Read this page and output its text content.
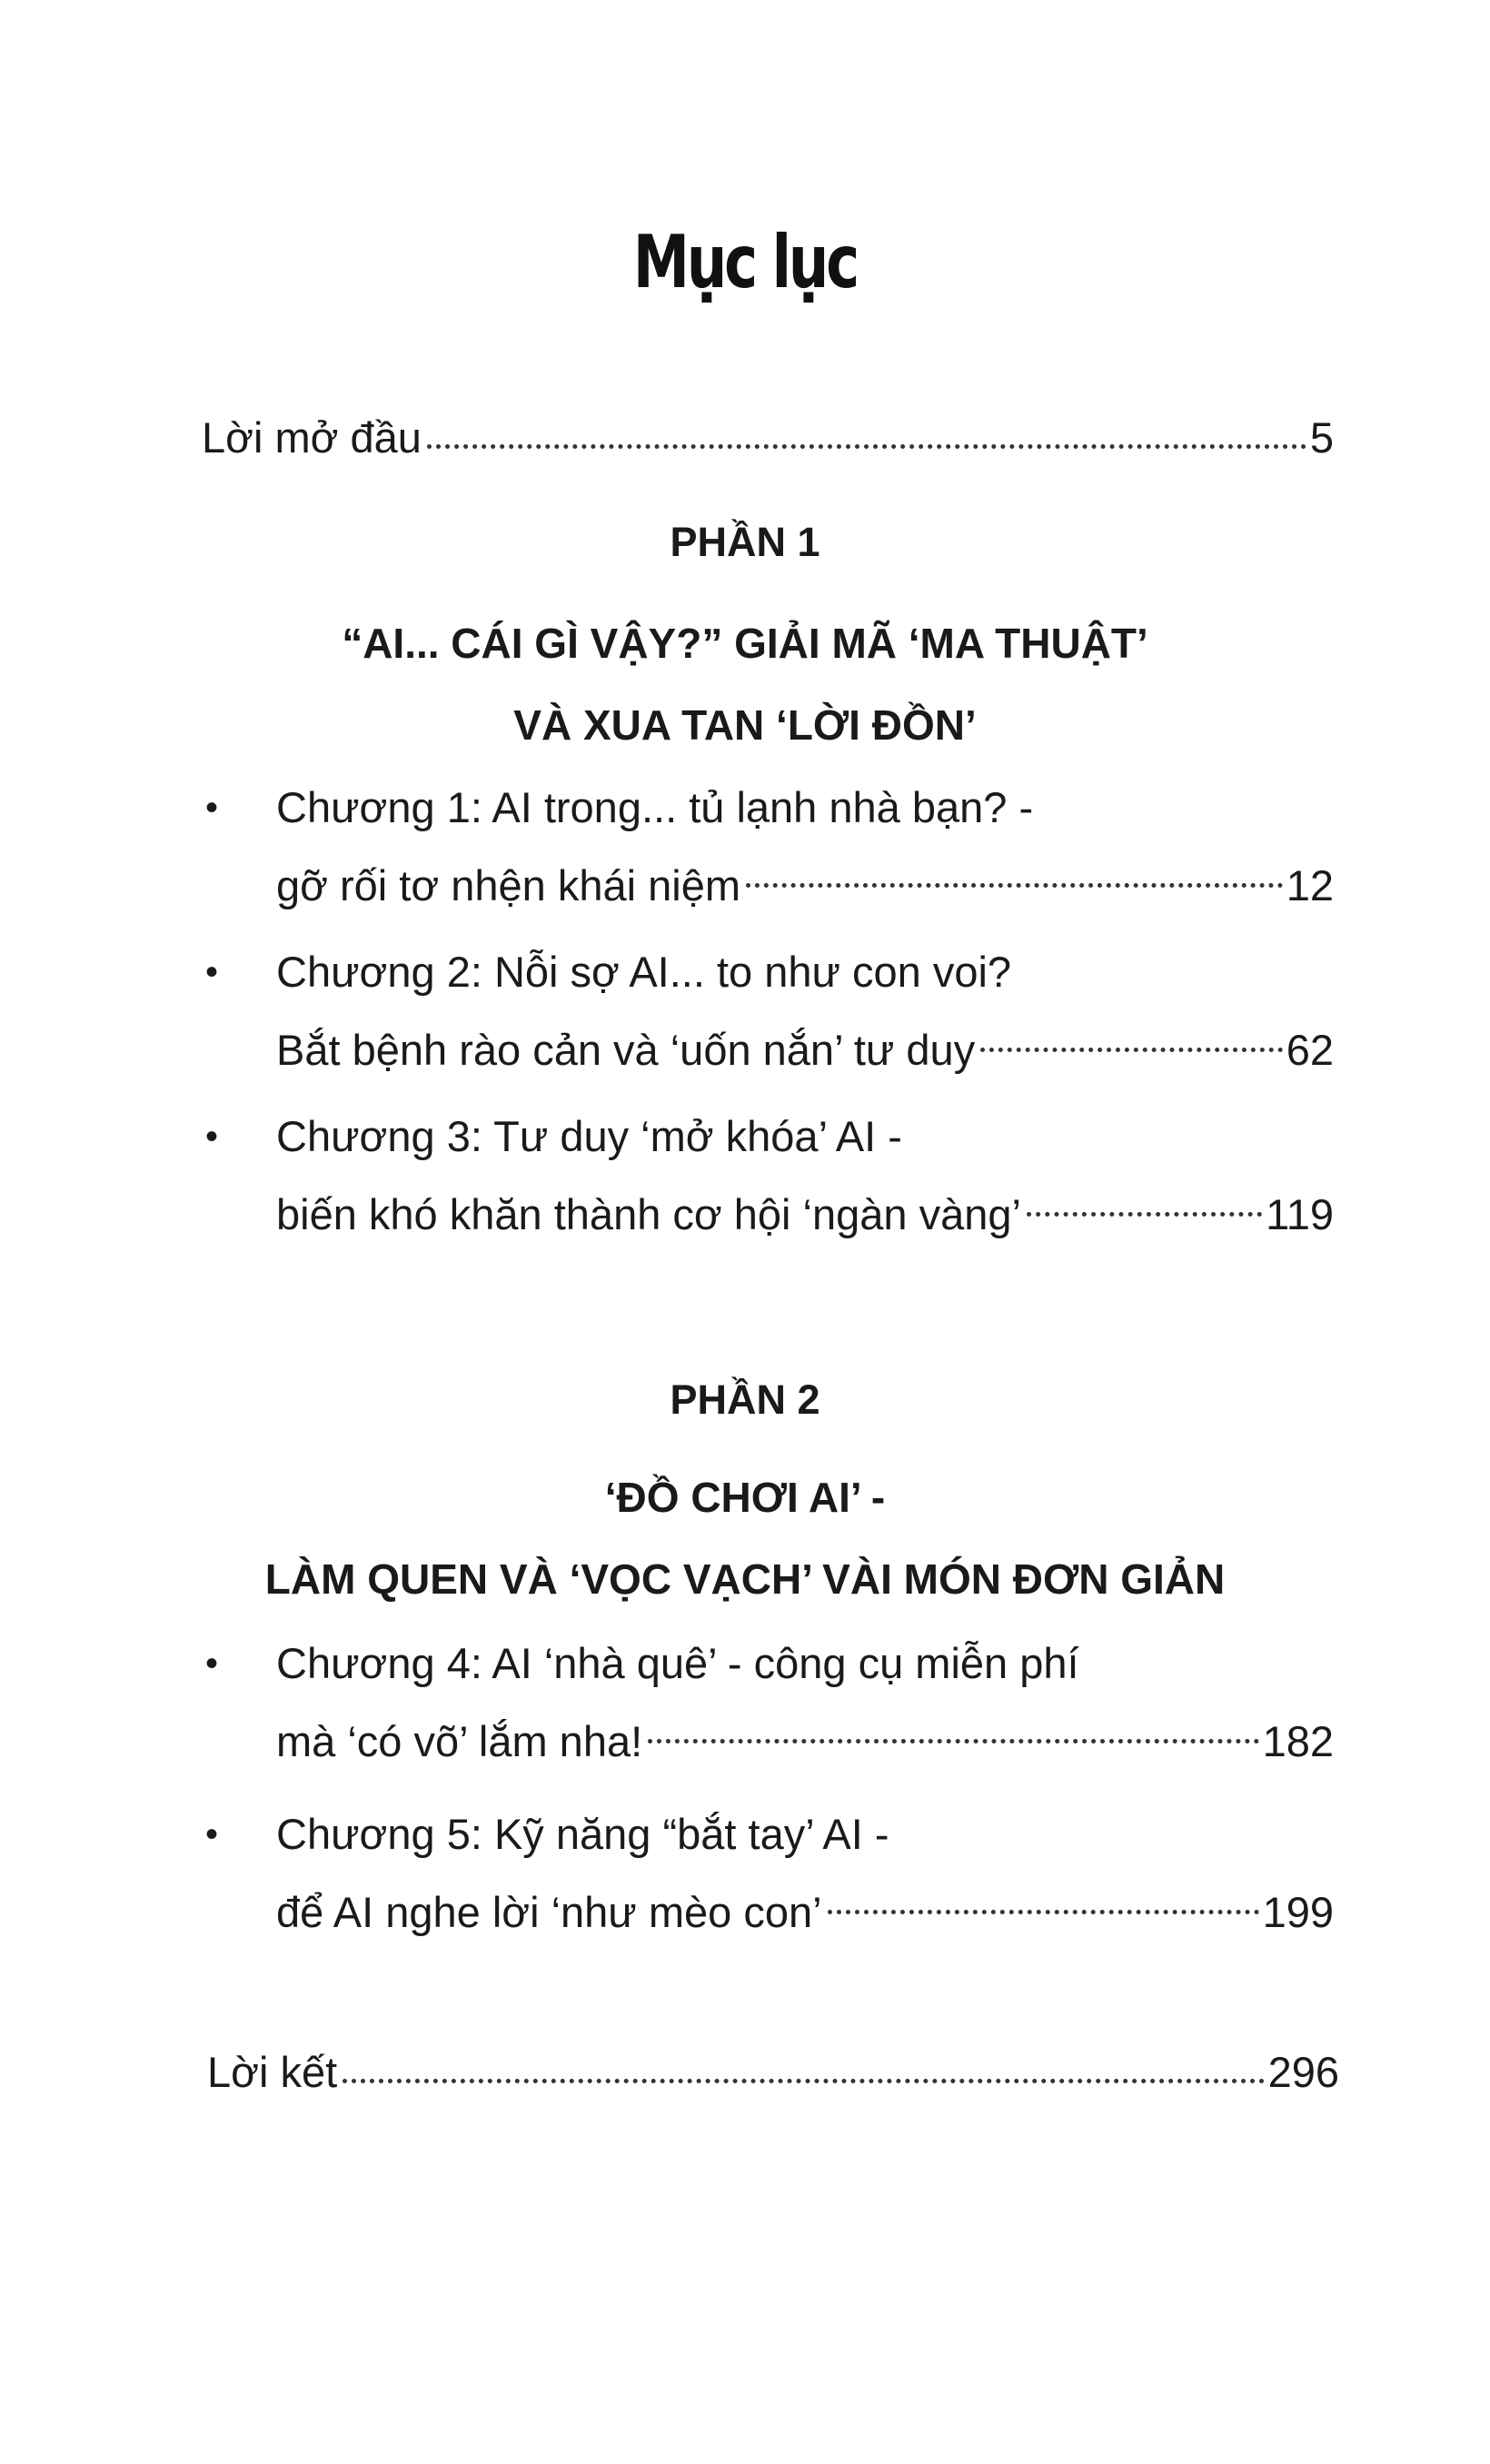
Mục lục
Lời mở đầu	5
PHẦN 1
“AI... CÁI GÌ VẬY?” GIẢI MÃ ‘MA THUẬT’
VÀ XUA TAN ‘LỜI ĐỒN’
• Chương 1: AI trong... tủ lạnh nhà bạn? -
gỡ rối tơ nhện khái niệm	12
• Chương 2: Nỗi sợ AI... to như con voi?
Bắt bệnh rào cản và ‘uốn nắn’ tư duy	62
• Chương 3: Tư duy ‘mở khóa’ AI -
biến khó khăn thành cơ hội ‘ngàn vàng’	119
PHẦN 2
‘ĐỒ CHƠI AI’ -
LÀM QUEN VÀ ‘VỌC VẠCH’ VÀI MÓN ĐƠN GIẢN
• Chương 4: AI ‘nhà quê’ - công cụ miễn phí
mà ‘có võ’ lắm nha!	182
• Chương 5: Kỹ năng “bắt tay’ AI -
để AI nghe lời ‘như mèo con’	199
Lời kết	296
